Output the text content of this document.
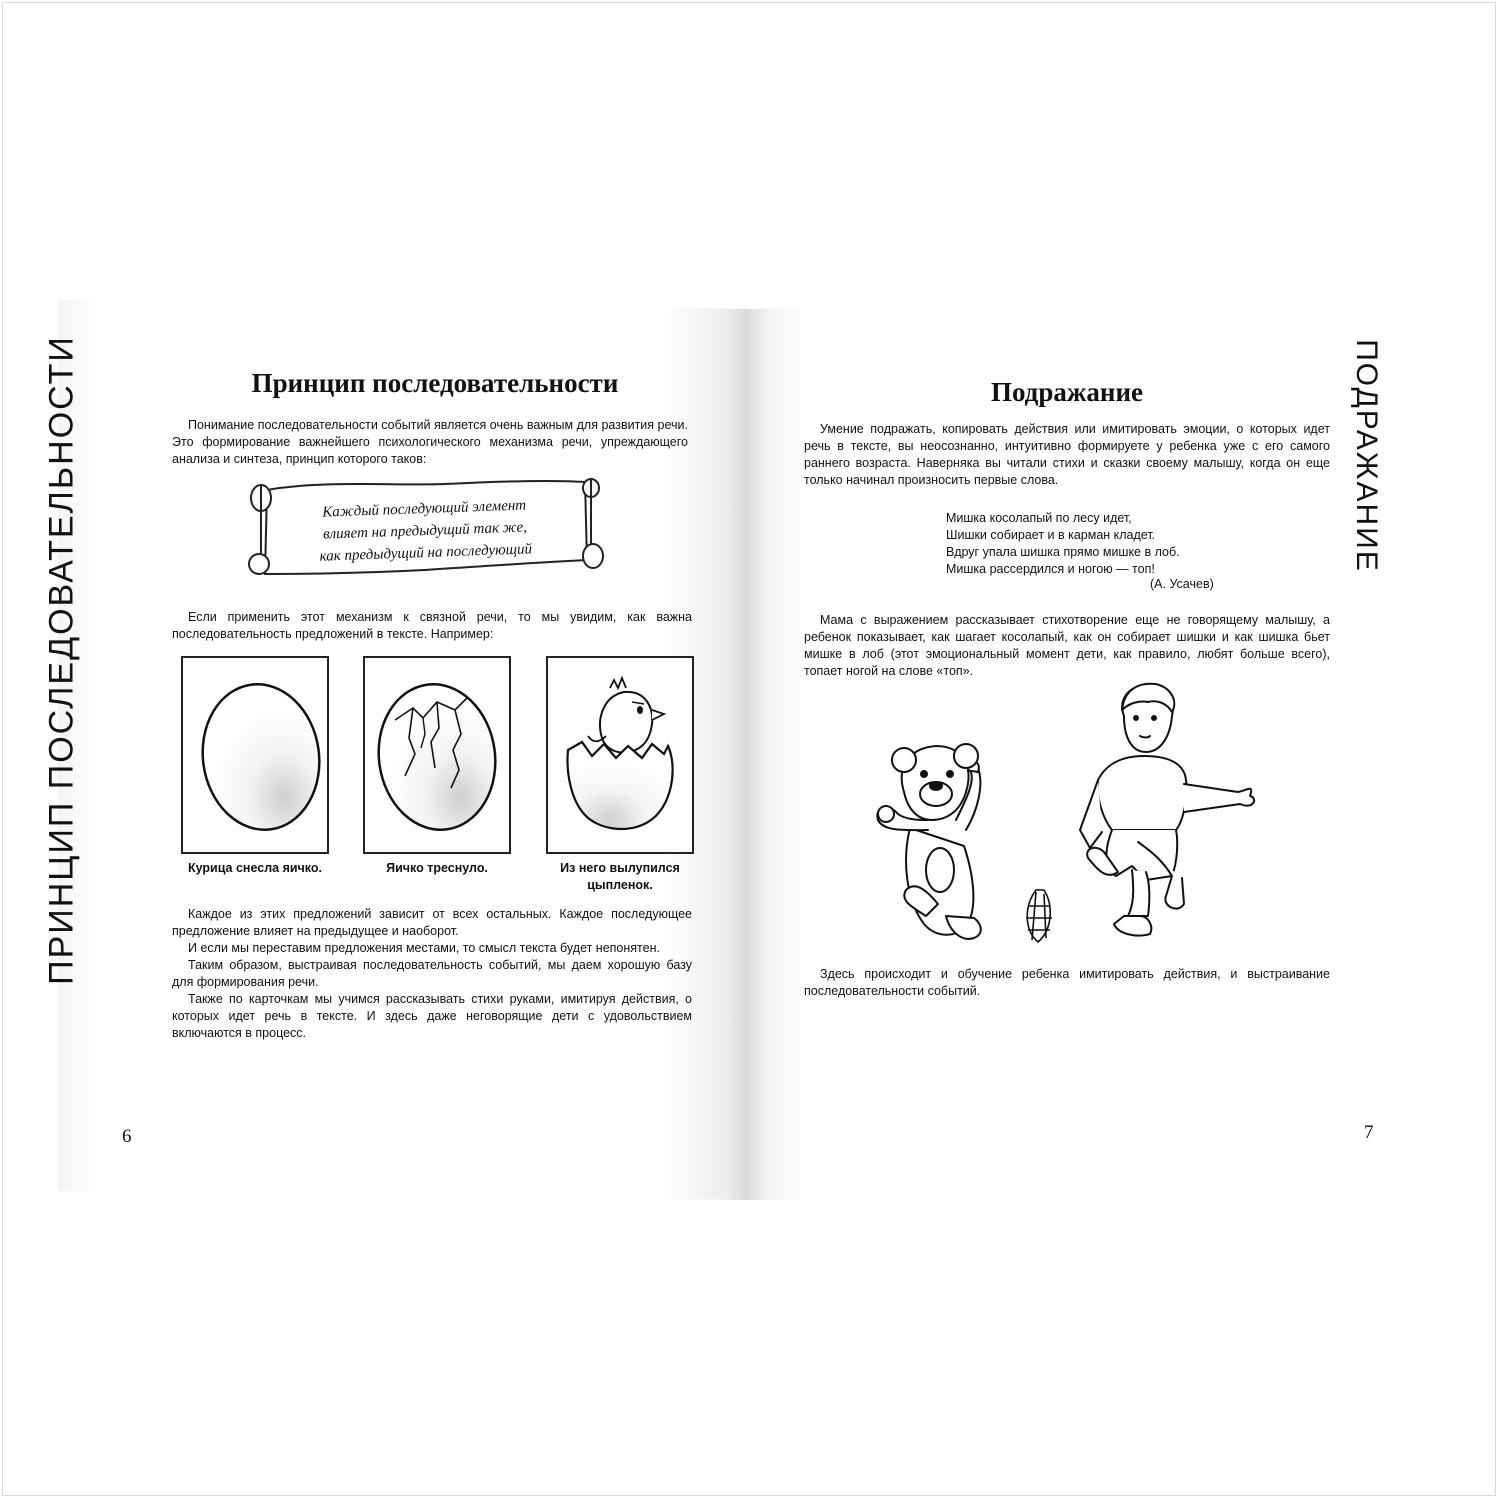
ПРИНЦИП ПОСЛЕДОВАТЕЛЬНОСТИ	Принцип последовательности

Понимание последовательности событий является очень важным для развития речи. Это формирование важнейшего психологического механизма речи, упреждающего анализа и синтеза, принцип которого таков:

Каждый последующий элемент
влияет на предыдущий так же,
как предыдущий на последующий

Если применить этот механизм к связной речи, то мы увидим, как важна последовательность предложений в тексте. Например:

Курица снесла яичко.	Яичко треснуло.	Из него вылупился цыпленок.

Каждое из этих предложений зависит от всех остальных. Каждое последующее предложение влияет на предыдущее и наоборот.

И если мы переставим предложения местами, то смысл текста будет непонятен.

Таким образом, выстраивая последовательность событий, мы даем хорошую базу для формирования речи.

Также по карточкам мы учимся рассказывать стихи руками, имитируя действия, о которых идет речь в тексте. И здесь даже неговорящие дети с удовольствием включаются в процесс.

6
ПОДРАЖАНИЕ
Подражание

Умение подражать, копировать действия или имитировать эмоции, о которых идет речь в тексте, вы неосознанно, интуитивно формируете у ребенка уже с его самого раннего возраста. Наверняка вы читали стихи и сказки своему малышу, когда он еще только начинал произносить первые слова.

Мишка косолапый по лесу идет,
Шишки собирает и в карман кладет.
Вдруг упала шишка прямо мишке в лоб.
Мишка рассердился и ногою — топ!
(А. Усачев)

Мама с выражением рассказывает стихотворение еще не говорящему малышу, а ребенок показывает, как шагает косолапый, как он собирает шишки и как шишка бьет мишке в лоб (этот эмоциональный момент дети, как правило, любят больше всего), топает ногой на слове «топ».

Здесь происходит и обучение ребенка имитировать действия, и выстраивание последовательности событий.

7
